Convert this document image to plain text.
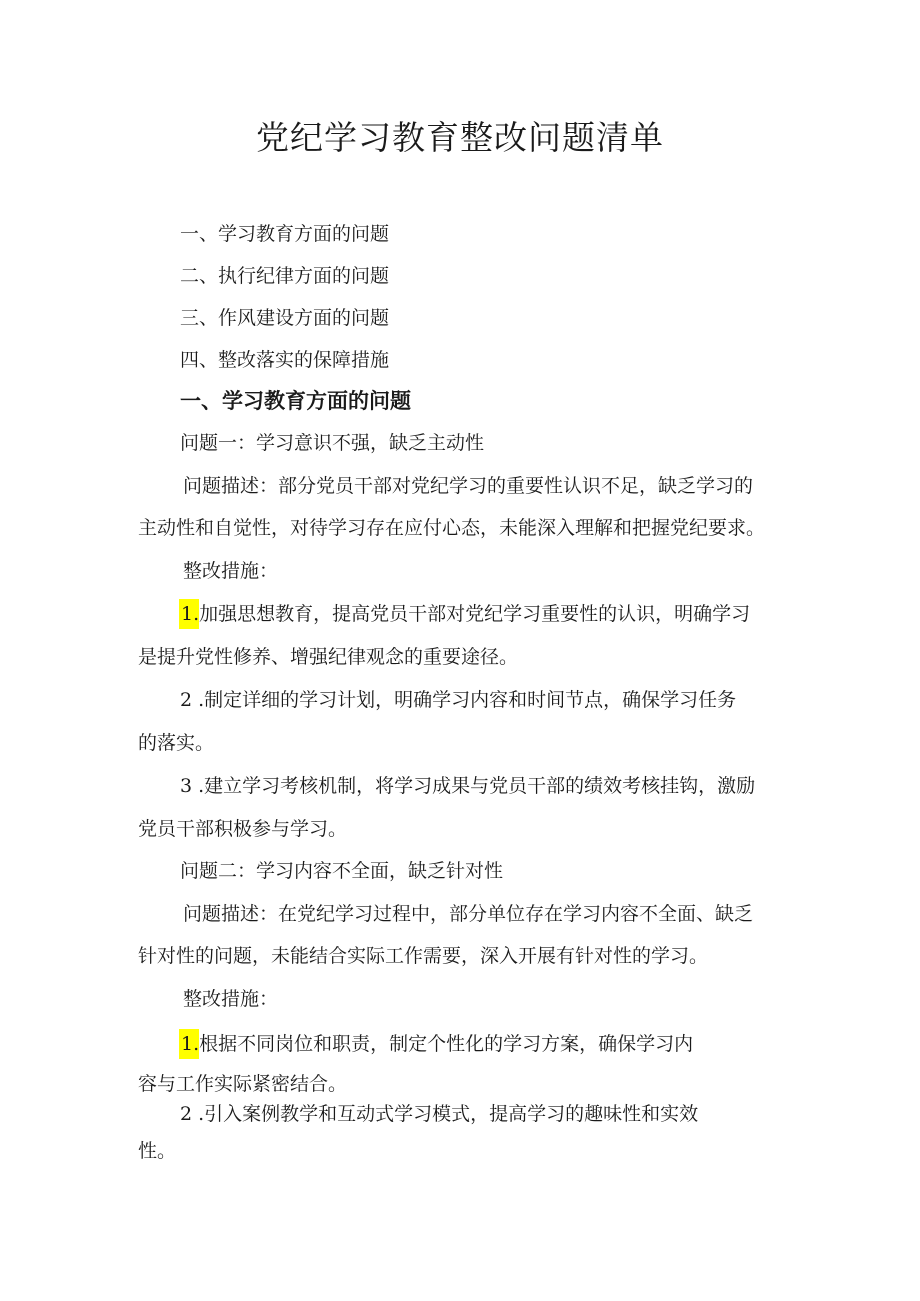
党纪学习教育整改问题清单

一、学习教育方面的问题

二、执行纪律方面的问题

三、作风建设方面的问题

四、整改落实的保障措施

一、学习教育方面的问题

问题一：学习意识不强，缺乏主动性

问题描述：部分党员干部对党纪学习的重要性认识不足，缺乏学习的

主动性和自觉性，对待学习存在应付心态，未能深入理解和把握党纪要求。

整改措施：

1.加强思想教育，提高党员干部对党纪学习重要性的认识，明确学习

是提升党性修养、增强纪律观念的重要途径。

2 .制定详细的学习计划，明确学习内容和时间节点，确保学习任务

的落实。

3 .建立学习考核机制，将学习成果与党员干部的绩效考核挂钩，激励

党员干部积极参与学习。

问题二：学习内容不全面，缺乏针对性

问题描述：在党纪学习过程中，部分单位存在学习内容不全面、缺乏

针对性的问题，未能结合实际工作需要，深入开展有针对性的学习。

整改措施：

1.根据不同岗位和职责，制定个性化的学习方案，确保学习内

容与工作实际紧密结合。

2 .引入案例教学和互动式学习模式，提高学习的趣味性和实效

性。
